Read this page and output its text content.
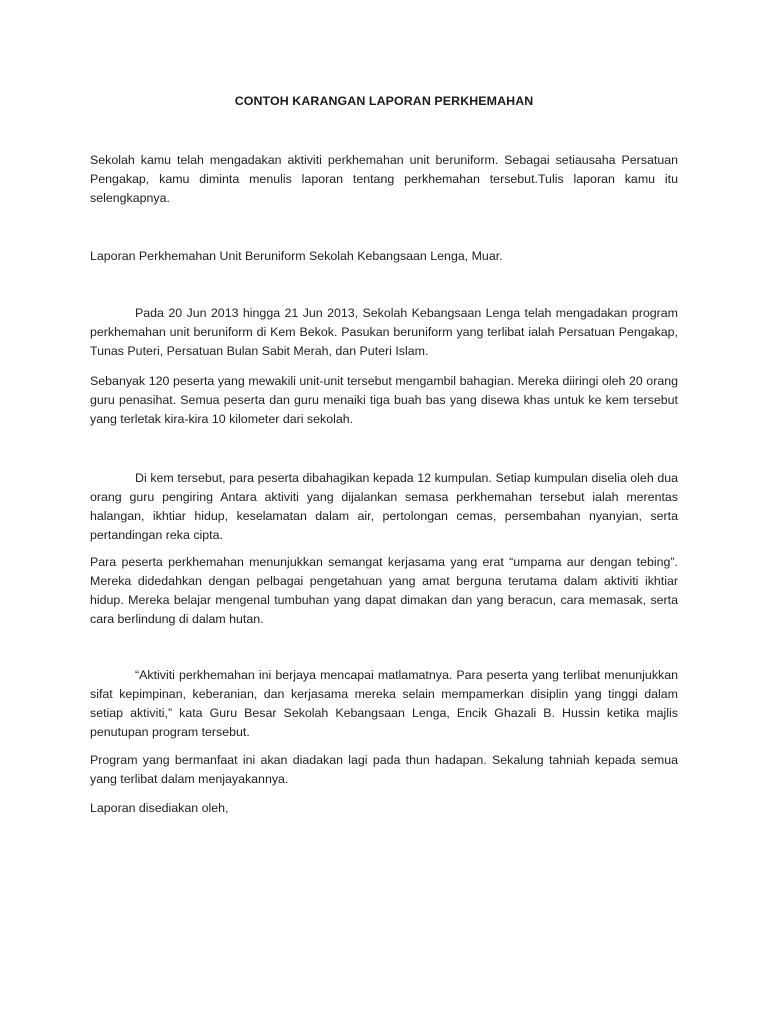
CONTOH KARANGAN LAPORAN PERKHEMAHAN

Sekolah kamu telah mengadakan aktiviti perkhemahan unit beruniform. Sebagai setiausaha Persatuan Pengakap, kamu diminta menulis laporan tentang perkhemahan tersebut.Tulis laporan kamu itu selengkapnya.

Laporan Perkhemahan Unit Beruniform Sekolah Kebangsaan Lenga, Muar.

Pada 20 Jun 2013 hingga 21 Jun 2013, Sekolah Kebangsaan Lenga telah mengadakan program perkhemahan unit beruniform di Kem Bekok. Pasukan beruniform yang terlibat ialah Persatuan Pengakap, Tunas Puteri, Persatuan Bulan Sabit Merah, dan Puteri Islam.

Sebanyak 120 peserta yang mewakili unit-unit tersebut mengambil bahagian. Mereka diiringi oleh 20 orang guru penasihat. Semua peserta dan guru menaiki tiga buah bas yang disewa khas untuk ke kem tersebut yang terletak kira-kira 10 kilometer dari sekolah.

Di kem tersebut, para peserta dibahagikan kepada 12 kumpulan. Setiap kumpulan diselia oleh dua orang guru pengiring Antara aktiviti yang dijalankan semasa perkhemahan tersebut ialah merentas halangan, ikhtiar hidup, keselamatan dalam air, pertolongan cemas, persembahan nyanyian, serta pertandingan reka cipta.

Para peserta perkhemahan menunjukkan semangat kerjasama yang erat “umpama aur dengan tebing”. Mereka didedahkan dengan pelbagai pengetahuan yang amat berguna terutama dalam aktiviti ikhtiar hidup. Mereka belajar mengenal tumbuhan yang dapat dimakan dan yang beracun, cara memasak, serta cara berlindung di dalam hutan.

“Aktiviti perkhemahan ini berjaya mencapai matlamatnya. Para peserta yang terlibat menunjukkan sifat kepimpinan, keberanian, dan kerjasama mereka selain mempamerkan disiplin yang tinggi dalam setiap aktiviti,” kata Guru Besar Sekolah Kebangsaan Lenga, Encik Ghazali B. Hussin ketika majlis penutupan program tersebut.

Program yang bermanfaat ini akan diadakan lagi pada thun hadapan. Sekalung tahniah kepada semua yang terlibat dalam menjayakannya.

Laporan disediakan oleh,
